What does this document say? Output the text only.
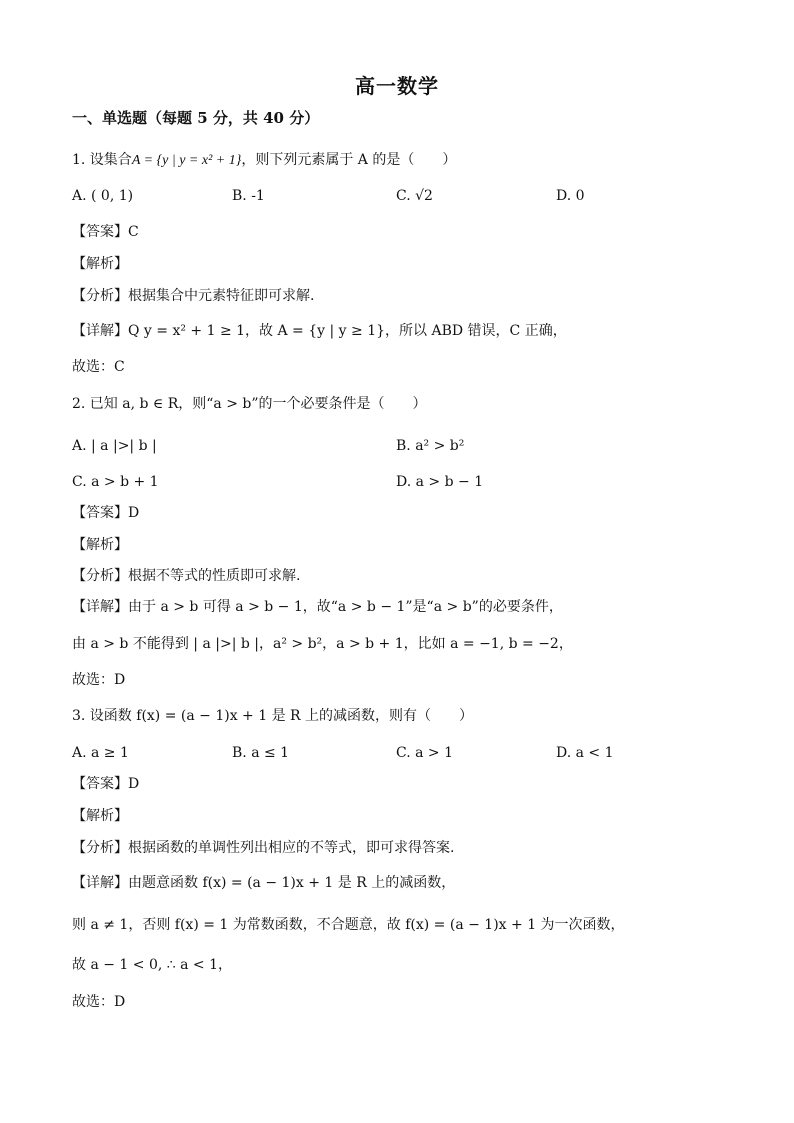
高一数学
一、单选题（每题 5 分，共 40 分）
1. 设集合A = {y | y = x² + 1}，则下列元素属于 A 的是（　　）
A. ( 0, 1)	B. -1	C. √2	D. 0
【答案】C
【解析】
【分析】根据集合中元素特征即可求解.
【详解】Q y = x² + 1 ≥ 1，故 A = {y | y ≥ 1}，所以 ABD 错误，C 正确，
故选：C
2. 已知 a, b ∈ R，则“a > b”的一个必要条件是（　　）
A. | a |>| b |	B. a² > b²
C. a > b + 1	D. a > b − 1
【答案】D
【解析】
【分析】根据不等式的性质即可求解.
【详解】由于 a > b 可得 a > b − 1，故“a > b − 1”是“a > b”的必要条件，
由 a > b 不能得到 | a |>| b |，a² > b²，a > b + 1，比如 a = −1, b = −2，
故选：D
3. 设函数 f(x) = (a − 1)x + 1 是 R 上的减函数，则有（　　）
A. a ≥ 1	B. a ≤ 1	C. a > 1	D. a < 1
【答案】D
【解析】
【分析】根据函数的单调性列出相应的不等式，即可求得答案.
【详解】由题意函数 f(x) = (a − 1)x + 1 是 R 上的减函数，
则 a ≠ 1，否则 f(x) = 1 为常数函数，不合题意，故 f(x) = (a − 1)x + 1 为一次函数，
故 a − 1 < 0, ∴ a < 1，
故选：D
